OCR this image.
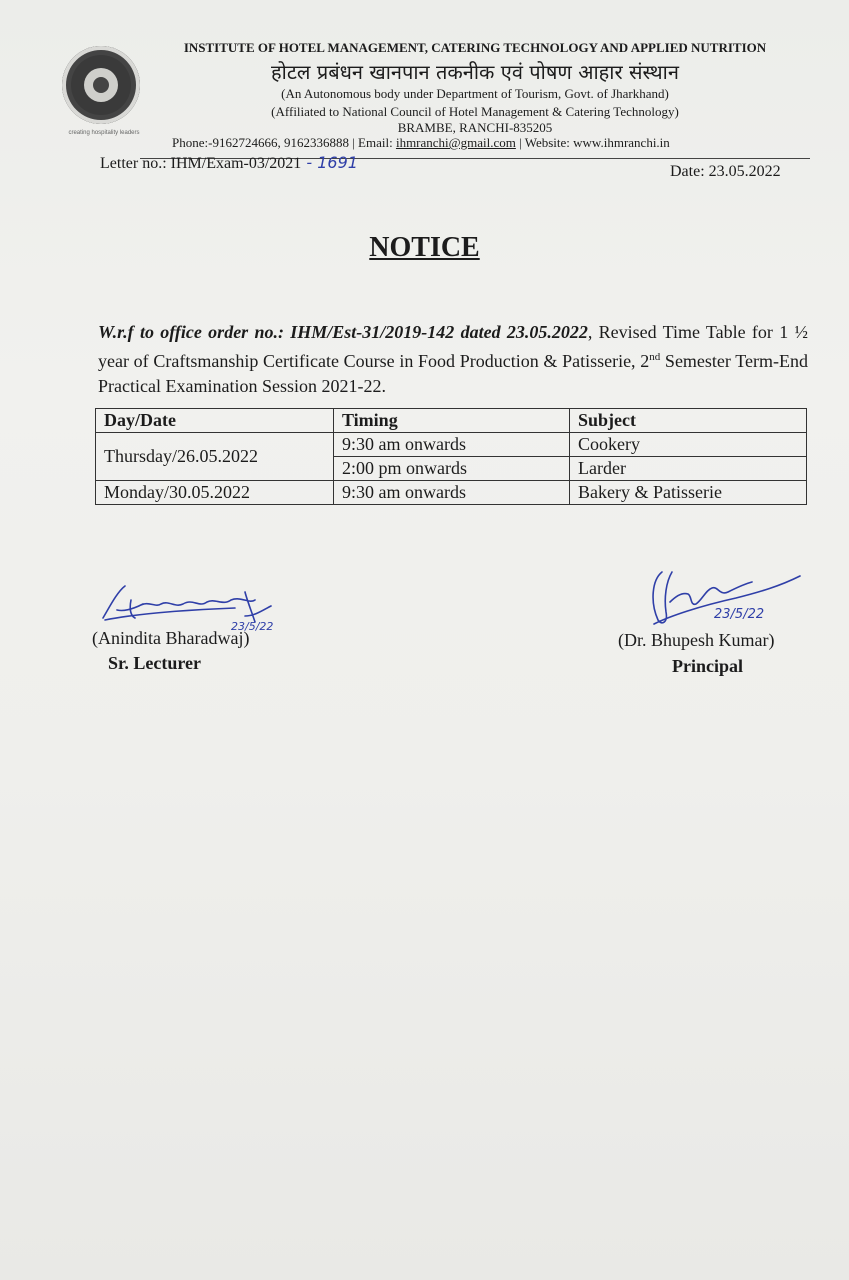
creating hospitality leaders
INSTITUTE OF HOTEL MANAGEMENT, CATERING TECHNOLOGY AND APPLIED NUTRITION
होटल प्रबंधन खानपान तकनीक एवं पोषण आहार संस्थान
(An Autonomous body under Department of Tourism, Govt. of Jharkhand)
(Affiliated to National Council of Hotel Management & Catering Technology)
BRAMBE, RANCHI-835205
Phone:-9162724666, 9162336888 | Email: ihmranchi@gmail.com | Website: www.ihmranchi.in
Letter no.: IHM/Exam-03/2021 - 1691	Date: 23.05.2022
NOTICE
W.r.f to office order no.: IHM/Est-31/2019-142 dated 23.05.2022, Revised Time Table for 1 ½ year of Craftsmanship Certificate Course in Food Production & Patisserie, 2nd Semester Term-End Practical Examination Session 2021-22.
Day/Date	Timing	Subject
Thursday/26.05.2022	9:30 am onwards	Cookery
	2:00 pm onwards	Larder
Monday/30.05.2022	9:30 am onwards	Bakery & Patisserie
23/5/22
23/5/22
(Anindita Bharadwaj)
Sr. Lecturer
(Dr. Bhupesh Kumar)
Principal
